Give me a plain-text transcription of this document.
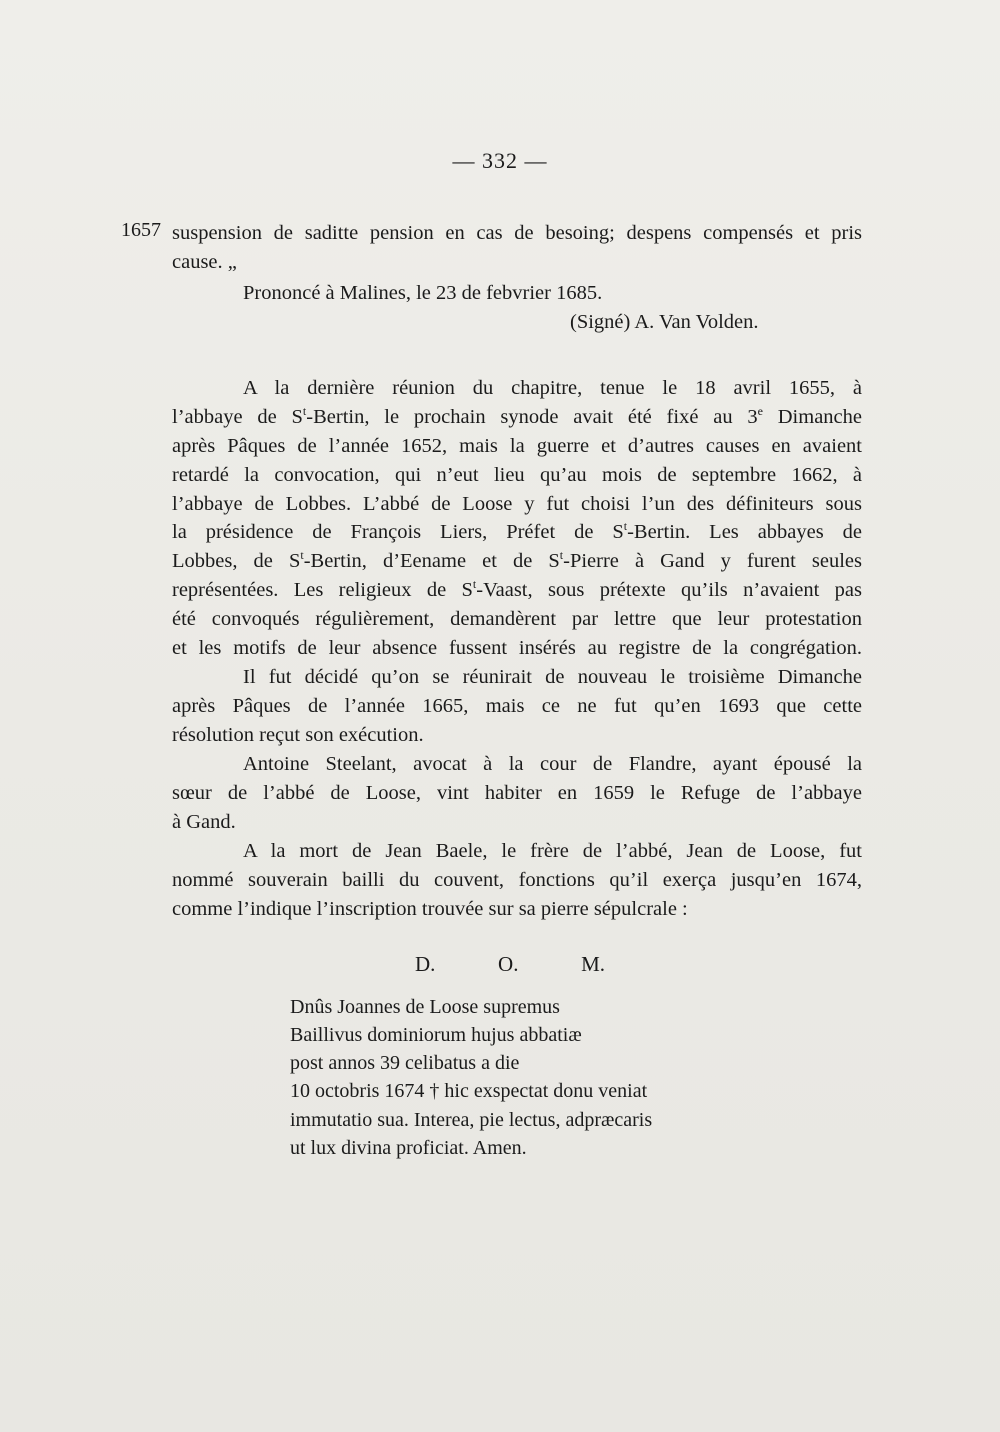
— 332 —
1657 suspension de saditte pension en cas de besoing; despens compensés et pris
cause. „
Prononcé à Malines, le 23 de febvrier 1685.
(Signé) A. Van Volden.
A la dernière réunion du chapitre, tenue le 18 avril 1655, à
l’abbaye de $S^t$-Bertin, le prochain synode avait été fixé au 3e Dimanche
après Pâques de l’année 1652, mais la guerre et d’autres causes en avaient
retardé la convocation, qui n’eut lieu qu’au mois de septembre 1662, à
l’abbaye de Lobbes. L’abbé de Loose y fut choisi l’un des définiteurs sous
la présidence de François Liers, Préfet de $S^t$-Bertin. Les abbayes de
Lobbes, de $S^t$-Bertin, d’Eename et de $S^t$-Pierre à Gand y furent seules
représentées. Les religieux de $S^t$-Vaast, sous prétexte qu’ils n’avaient pas
été convoqués régulièrement, demandèrent par lettre que leur protestation
et les motifs de leur absence fussent insérés au registre de la congrégation.
Il fut décidé qu’on se réunirait de nouveau le troisième Dimanche
après Pâques de l’année 1665, mais ce ne fut qu’en 1693 que cette
résolution reçut son exécution.
Antoine Steelant, avocat à la cour de Flandre, ayant épousé la
sœur de l’abbé de Loose, vint habiter en 1659 le Refuge de l’abbaye
à Gand.
A la mort de Jean Baele, le frère de l’abbé, Jean de Loose, fut
nommé souverain bailli du couvent, fonctions qu’il exerça jusqu’en 1674,
comme l’indique l’inscription trouvée sur sa pierre sépulcrale :
D.	O.	M.
Dnûs Joannes de Loose supremus
Baillivus dominiorum hujus abbatiæ
post annos 39 celibatus a die
10 octobris 1674 † hic exspectat donu veniat
immutatio sua. Interea, pie lectus, adpræcaris
ut lux divina proficiat. Amen.
